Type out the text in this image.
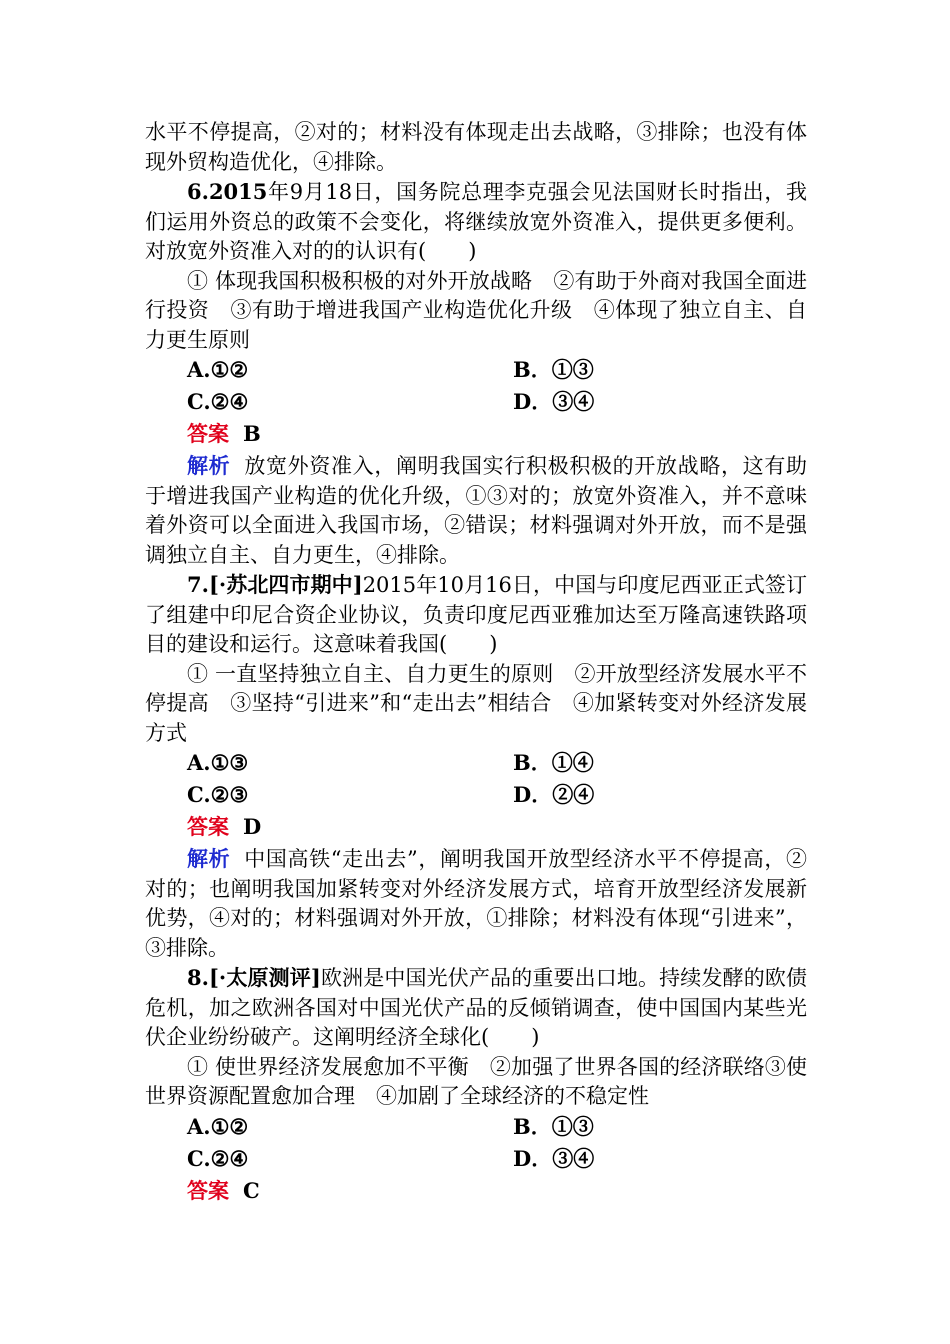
水平不停提高，②对的；材料没有体现走出去战略，③排除；也没有体现外贸构造优化，④排除。

6.2015年9月18日，国务院总理李克强会见法国财长时指出，我们运用外资总的政策不会变化，将继续放宽外资准入，提供更多便利。对放宽外资准入对的的认识有(　　)

① 体现我国积极积极的对外开放战略　②有助于外商对我国全面进行投资　③有助于增进我国产业构造优化升级　④体现了独立自主、自力更生原则

A.①②	B．①③
C.②④	D．③④

答案 B

解析 放宽外资准入，阐明我国实行积极积极的开放战略，这有助于增进我国产业构造的优化升级，①③对的；放宽外资准入，并不意味着外资可以全面进入我国市场，②错误；材料强调对外开放，而不是强调独立自主、自力更生，④排除。

7.[·苏北四市期中]2015年10月16日，中国与印度尼西亚正式签订了组建中印尼合资企业协议，负责印度尼西亚雅加达至万隆高速铁路项目的建设和运行。这意味着我国(　　)

① 一直坚持独立自主、自力更生的原则　②开放型经济发展水平不停提高　③坚持“引进来”和“走出去”相结合　④加紧转变对外经济发展方式

A.①③	B．①④
C.②③	D．②④

答案 D

解析 中国高铁“走出去”，阐明我国开放型经济水平不停提高，②对的；也阐明我国加紧转变对外经济发展方式，培育开放型经济发展新优势，④对的；材料强调对外开放，①排除；材料没有体现“引进来”，③排除。

8.[·太原测评]欧洲是中国光伏产品的重要出口地。持续发酵的欧债危机，加之欧洲各国对中国光伏产品的反倾销调查，使中国国内某些光伏企业纷纷破产。这阐明经济全球化(　　)

① 使世界经济发展愈加不平衡　②加强了世界各国的经济联络③使世界资源配置愈加合理　④加剧了全球经济的不稳定性

A.①②	B．①③
C.②④	D．③④

答案 C
